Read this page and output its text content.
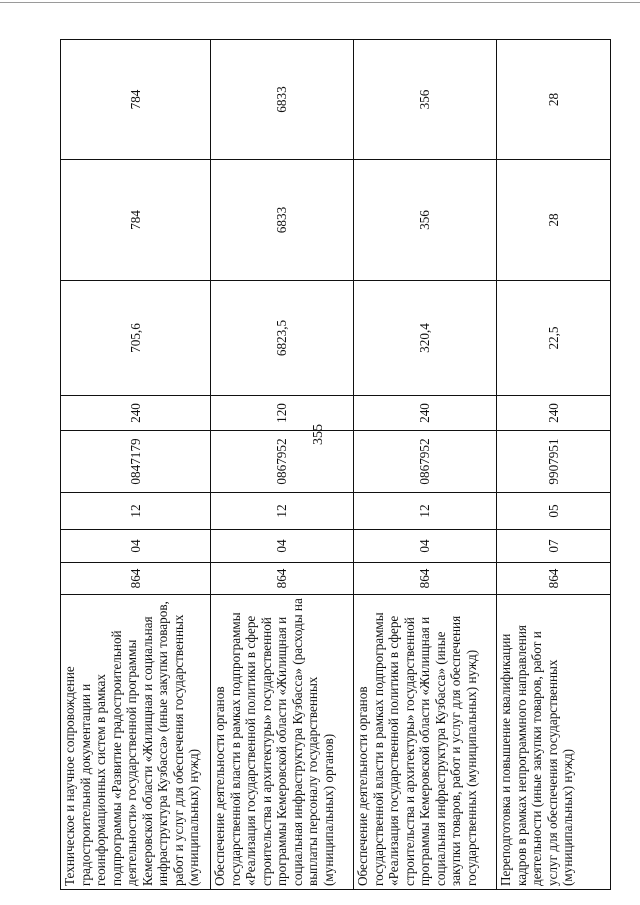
355
Техническое и научное сопровождение градостроительной документации и геоинформационных систем в рамках подпрограммы «Развитие градостроительной деятельности» государственной программы Кемеровской области «Жилищная и социальная инфраструктура Кузбасса» (иные закупки товаров, работ и услуг для обеспечения государственных (муниципальных) нужд)	864	04	12	0847179	240	705,6	784	784
Обеспечение деятельности органов государственной власти в рамках подпрограммы «Реализация государственной политики в сфере строительства и архитектуры» государственной программы Кемеровской области «Жилищная и социальная инфраструктура Кузбасса» (расходы на выплаты персоналу государственных (муниципальных) органов)	864	04	12	0867952	120	6823,5	6833	6833
Обеспечение деятельности органов государственной власти в рамках подпрограммы «Реализация государственной политики в сфере строительства и архитектуры» государственной программы Кемеровской области «Жилищная и социальная инфраструктура Кузбасса» (иные закупки товаров, работ и услуг для обеспечения государственных (муниципальных) нужд)	864	04	12	0867952	240	320,4	356	356
Переподготовка и повышение квалификации кадров в рамках непрограммного направления деятельности (иные закупки товаров, работ и услуг для обеспечения государственных (муниципальных) нужд)	864	07	05	9907951	240	22,5	28	28
